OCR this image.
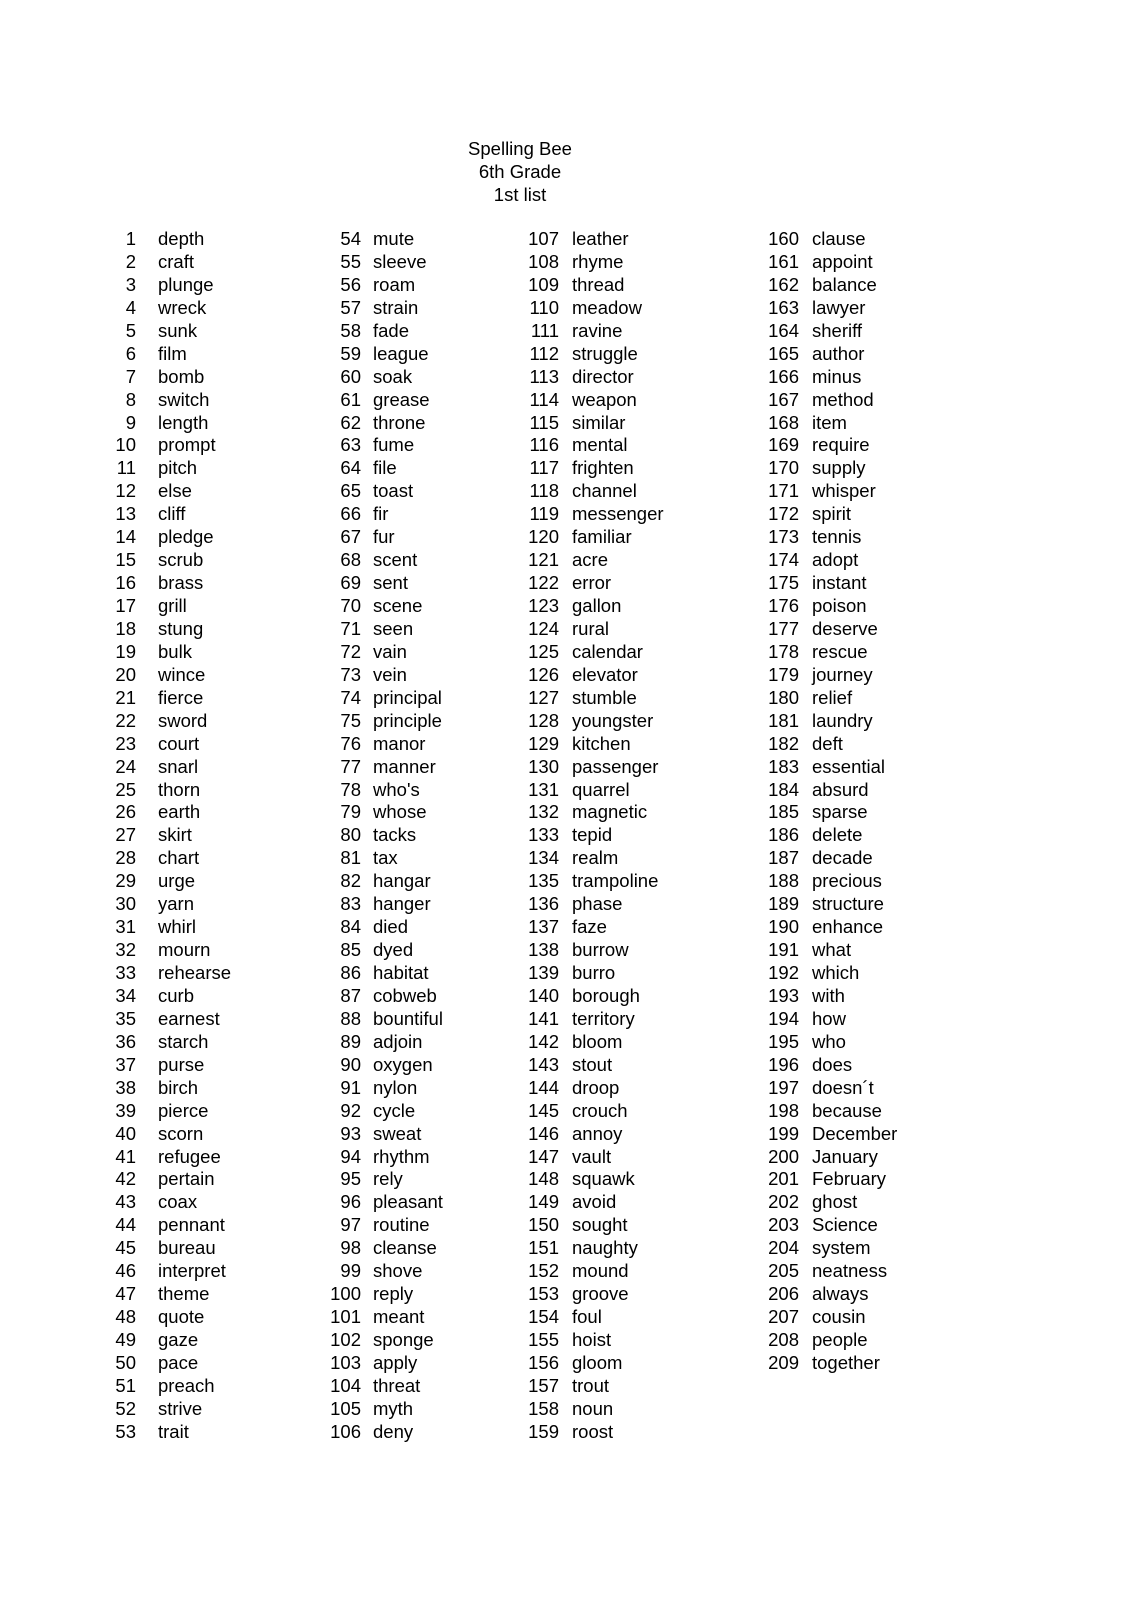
Spelling Bee
6th Grade
1st list
1 depth
2 craft
3 plunge
4 wreck
5 sunk
6 film
7 bomb
8 switch
9 length
10 prompt
11 pitch
12 else
13 cliff
14 pledge
15 scrub
16 brass
17 grill
18 stung
19 bulk
20 wince
21 fierce
22 sword
23 court
24 snarl
25 thorn
26 earth
27 skirt
28 chart
29 urge
30 yarn
31 whirl
32 mourn
33 rehearse
34 curb
35 earnest
36 starch
37 purse
38 birch
39 pierce
40 scorn
41 refugee
42 pertain
43 coax
44 pennant
45 bureau
46 interpret
47 theme
48 quote
49 gaze
50 pace
51 preach
52 strive
53 trait
54 mute
55 sleeve
56 roam
57 strain
58 fade
59 league
60 soak
61 grease
62 throne
63 fume
64 file
65 toast
66 fir
67 fur
68 scent
69 sent
70 scene
71 seen
72 vain
73 vein
74 principal
75 principle
76 manor
77 manner
78 who's
79 whose
80 tacks
81 tax
82 hangar
83 hanger
84 died
85 dyed
86 habitat
87 cobweb
88 bountiful
89 adjoin
90 oxygen
91 nylon
92 cycle
93 sweat
94 rhythm
95 rely
96 pleasant
97 routine
98 cleanse
99 shove
100 reply
101 meant
102 sponge
103 apply
104 threat
105 myth
106 deny
107 leather
108 rhyme
109 thread
110 meadow
111 ravine
112 struggle
113 director
114 weapon
115 similar
116 mental
117 frighten
118 channel
119 messenger
120 familiar
121 acre
122 error
123 gallon
124 rural
125 calendar
126 elevator
127 stumble
128 youngster
129 kitchen
130 passenger
131 quarrel
132 magnetic
133 tepid
134 realm
135 trampoline
136 phase
137 faze
138 burrow
139 burro
140 borough
141 territory
142 bloom
143 stout
144 droop
145 crouch
146 annoy
147 vault
148 squawk
149 avoid
150 sought
151 naughty
152 mound
153 groove
154 foul
155 hoist
156 gloom
157 trout
158 noun
159 roost
160 clause
161 appoint
162 balance
163 lawyer
164 sheriff
165 author
166 minus
167 method
168 item
169 require
170 supply
171 whisper
172 spirit
173 tennis
174 adopt
175 instant
176 poison
177 deserve
178 rescue
179 journey
180 relief
181 laundry
182 deft
183 essential
184 absurd
185 sparse
186 delete
187 decade
188 precious
189 structure
190 enhance
191 what
192 which
193 with
194 how
195 who
196 does
197 doesn´t
198 because
199 December
200 January
201 February
202 ghost
203 Science
204 system
205 neatness
206 always
207 cousin
208 people
209 together
